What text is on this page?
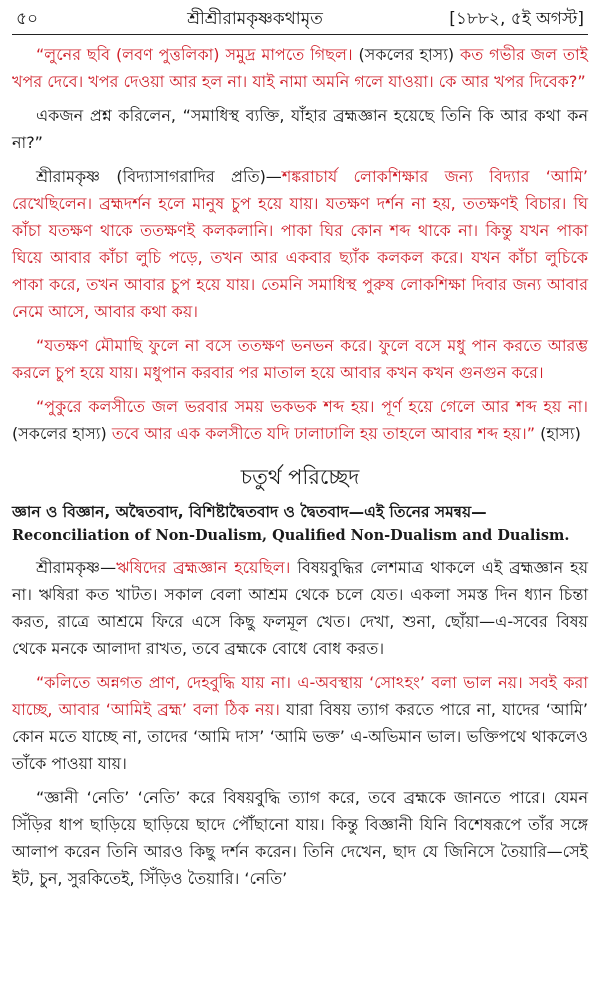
৫০	শ্রীশ্রীরামকৃষ্ণকথামৃত	[১৮৮২, ৫ই অগস্ট]

“লুনের ছবি (লবণ পুত্তলিকা) সমুদ্র মাপতে গিছল। (সকলের হাস্য) কত গভীর জল তাই খপর দেবে। খপর দেওয়া আর হল না। যাই নামা অমনি গলে যাওয়া। কে আর খপর দিবেক?”

একজন প্রশ্ন করিলেন, “সমাধিস্থ ব্যক্তি, যাঁহার ব্রহ্মজ্ঞান হয়েছে তিনি কি আর কথা কন না?”

শ্রীরামকৃষ্ণ (বিদ্যাসাগরাদির প্রতি)—শঙ্করাচার্য লোকশিক্ষার জন্য বিদ্যার ‘আমি’ রেখেছিলেন। ব্রহ্মদর্শন হলে মানুষ চুপ হয়ে যায়। যতক্ষণ দর্শন না হয়, ততক্ষণই বিচার। ঘি কাঁচা যতক্ষণ থাকে ততক্ষণই কলকলানি। পাকা ঘির কোন শব্দ থাকে না। কিন্তু যখন পাকা ঘিয়ে আবার কাঁচা লুচি পড়ে, তখন আর একবার ছ্যাঁক কলকল করে। যখন কাঁচা লুচিকে পাকা করে, তখন আবার চুপ হয়ে যায়। তেমনি সমাধিস্থ পুরুষ লোকশিক্ষা দিবার জন্য আবার নেমে আসে, আবার কথা কয়।

“যতক্ষণ মৌমাছি ফুলে না বসে ততক্ষণ ভনভন করে। ফুলে বসে মধু পান করতে আরম্ভ করলে চুপ হয়ে যায়। মধুপান করবার পর মাতাল হয়ে আবার কখন কখন গুনগুন করে।

“পুকুরে কলসীতে জল ভরবার সময় ভকভক শব্দ হয়। পূর্ণ হয়ে গেলে আর শব্দ হয় না। (সকলের হাস্য) তবে আর এক কলসীতে যদি ঢালাঢালি হয় তাহলে আবার শব্দ হয়।” (হাস্য)

চতুর্থ পরিচ্ছেদ

জ্ঞান ও বিজ্ঞান, অদ্বৈতবাদ, বিশিষ্টাদ্বৈতবাদ ও দ্বৈতবাদ—এই তিনের সমন্বয়—

Reconciliation of Non-Dualism, Qualified Non-Dualism and Dualism.

শ্রীরামকৃষ্ণ—ঋষিদের ব্রহ্মজ্ঞান হয়েছিল। বিষয়বুদ্ধির লেশমাত্র থাকলে এই ব্রহ্মজ্ঞান হয় না। ঋষিরা কত খাটত। সকাল বেলা আশ্রম থেকে চলে যেত। একলা সমস্ত দিন ধ্যান চিন্তা করত, রাত্রে আশ্রমে ফিরে এসে কিছু ফলমূল খেত। দেখা, শুনা, ছোঁয়া—এ-সবের বিষয় থেকে মনকে আলাদা রাখত, তবে ব্রহ্মকে বোধে বোধ করত।

“কলিতে অন্নগত প্রাণ, দেহবুদ্ধি যায় না। এ-অবস্থায় ‘সোঽহং’ বলা ভাল নয়। সবই করা যাচ্ছে, আবার ‘আমিই ব্রহ্ম’ বলা ঠিক নয়। যারা বিষয় ত্যাগ করতে পারে না, যাদের ‘আমি’ কোন মতে যাচ্ছে না, তাদের ‘আমি দাস’ ‘আমি ভক্ত’ এ-অভিমান ভাল। ভক্তিপথে থাকলেও তাঁকে পাওয়া যায়।

“জ্ঞানী ‘নেতি’ ‘নেতি’ করে বিষয়বুদ্ধি ত্যাগ করে, তবে ব্রহ্মকে জানতে পারে। যেমন সিঁড়ির ধাপ ছাড়িয়ে ছাড়িয়ে ছাদে পৌঁছানো যায়। কিন্তু বিজ্ঞানী যিনি বিশেষরূপে তাঁর সঙ্গে আলাপ করেন তিনি আরও কিছু দর্শন করেন। তিনি দেখেন, ছাদ যে জিনিসে তৈয়ারি—সেই ইট, চুন, সুরকিতেই, সিঁড়িও তৈয়ারি। ‘নেতি’
